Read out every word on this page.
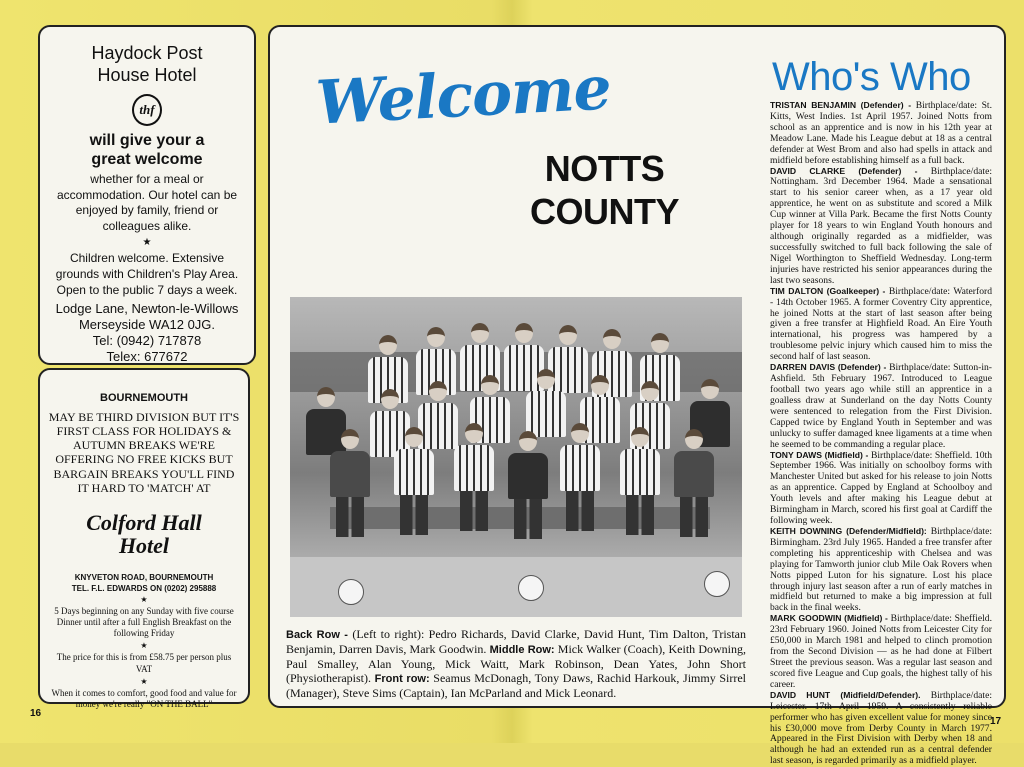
Haydock Post
House Hotel
thf
will give your a
great welcome
whether for a meal or accommodation. Our hotel can be enjoyed by family, friend or colleagues alike.
★
Children welcome. Extensive grounds with Children's Play Area. Open to the public 7 days a week.
Lodge Lane, Newton-le-Willows
Merseyside WA12 0JG.
Tel: (0942) 717878
Telex: 677672
BOURNEMOUTH
MAY BE THIRD DIVISION BUT IT'S FIRST CLASS FOR HOLIDAYS & AUTUMN BREAKS WE'RE OFFERING NO FREE KICKS BUT BARGAIN BREAKS YOU'LL FIND IT HARD TO 'MATCH' AT
Colford Hall
Hotel
KNYVETON ROAD, BOURNEMOUTH
TEL. F.L. EDWARDS ON (0202) 295888
★
5 Days beginning on any Sunday with five course Dinner until after a full English Breakfast on the following Friday
★
The price for this is from £58.75 per person plus VAT
★
When it comes to comfort, good food and value for money we're really "ON THE BALL"
Welcome
NOTTS
COUNTY
Back Row - (Left to right): Pedro Richards, David Clarke, David Hunt, Tim Dalton, Tristan Benjamin, Darren Davis, Mark Goodwin. Middle Row: Mick Walker (Coach), Keith Downing, Paul Smalley, Alan Young, Mick Waitt, Mark Robinson, Dean Yates, John Short (Physiotherapist). Front row: Seamus McDonagh, Tony Daws, Rachid Harkouk, Jimmy Sirrel (Manager), Steve Sims (Captain), Ian McParland and Mick Leonard.
Who's Who
TRISTAN BENJAMIN (Defender) - Birthplace/date: St. Kitts, West Indies. 1st April 1957. Joined Notts from school as an apprentice and is now in his 12th year at Meadow Lane. Made his League debut at 18 as a central defender at West Brom and also had spells in attack and midfield before establishing himself as a full back.
DAVID CLARKE (Defender) - Birthplace/date: Nottingham. 3rd December 1964. Made a sensational start to his senior career when, as a 17 year old apprentice, he went on as substitute and scored a Milk Cup winner at Villa Park. Became the first Notts County player for 18 years to win England Youth honours and although originally regarded as a midfielder, was successfully switched to full back following the sale of Nigel Worthington to Sheffield Wednesday. Long-term injuries have restricted his senior appearances during the last two seasons.
TIM DALTON (Goalkeeper) - Birthplace/date: Waterford - 14th October 1965. A former Coventry City apprentice, he joined Notts at the start of last season after being given a free transfer at Highfield Road. An Eire Youth international, his progress was hampered by a troublesome pelvic injury which caused him to miss the second half of last season.
DARREN DAVIS (Defender) - Birthplace/date: Sutton-in-Ashfield. 5th February 1967. Introduced to League football two years ago while still an apprentice in a goalless draw at Sunderland on the day Notts County were sentenced to relegation from the First Division. Capped twice by England Youth in September and was unlucky to suffer damaged knee ligaments at a time when he seemed to be commanding a regular place.
TONY DAWS (Midfield) - Birthplace/date: Sheffield. 10th September 1966. Was initially on schoolboy forms with Manchester United but asked for his release to join Notts as an apprentice. Capped by England at Schoolboy and Youth levels and after making his League debut at Birmingham in March, scored his first goal at Cardiff the following week.
KEITH DOWNING (Defender/Midfield): Birthplace/date: Birmingham. 23rd July 1965. Handed a free transfer after completing his apprenticeship with Chelsea and was playing for Tamworth junior club Mile Oak Rovers when Notts pipped Luton for his signature. Lost his place through injury last season after a run of early matches in midfield but returned to make a big impression at full back in the final weeks.
MARK GOODWIN (Midfield) - Birthplace/date: Sheffield. 23rd February 1960. Joined Notts from Leicester City for £50,000 in March 1981 and helped to clinch promotion from the Second Division — as he had done at Filbert Street the previous season. Was a regular last season and scored five League and Cup goals, the highest tally of his career.
DAVID HUNT (Midfield/Defender). Birthplace/date: Leicester. 17th April 1959. A consistently reliable performer who has given excellent value for money since his £30,000 move from Derby County in March 1977. Appeared in the First Division with Derby when 18 and although he had an extended run as a central defender last season, is regarded primarily as a midfield player.
16
17
